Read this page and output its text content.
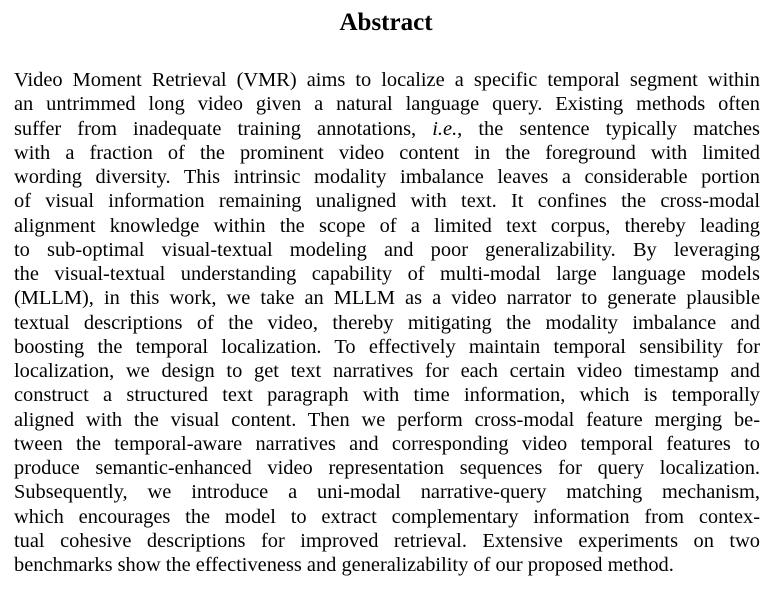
Abstract
Video Moment Retrieval (VMR) aims to localize a specific temporal segment within
an untrimmed long video given a natural language query. Existing methods often
suffer from inadequate training annotations, i.e., the sentence typically matches
with a fraction of the prominent video content in the foreground with limited
wording diversity. This intrinsic modality imbalance leaves a considerable portion
of visual information remaining unaligned with text. It confines the cross-modal
alignment knowledge within the scope of a limited text corpus, thereby leading
to sub-optimal visual-textual modeling and poor generalizability. By leveraging
the visual-textual understanding capability of multi-modal large language models
(MLLM), in this work, we take an MLLM as a video narrator to generate plausible
textual descriptions of the video, thereby mitigating the modality imbalance and
boosting the temporal localization. To effectively maintain temporal sensibility for
localization, we design to get text narratives for each certain video timestamp and
construct a structured text paragraph with time information, which is temporally
aligned with the visual content. Then we perform cross-modal feature merging be-
tween the temporal-aware narratives and corresponding video temporal features to
produce semantic-enhanced video representation sequences for query localization.
Subsequently, we introduce a uni-modal narrative-query matching mechanism,
which encourages the model to extract complementary information from contex-
tual cohesive descriptions for improved retrieval. Extensive experiments on two
benchmarks show the effectiveness and generalizability of our proposed method.
